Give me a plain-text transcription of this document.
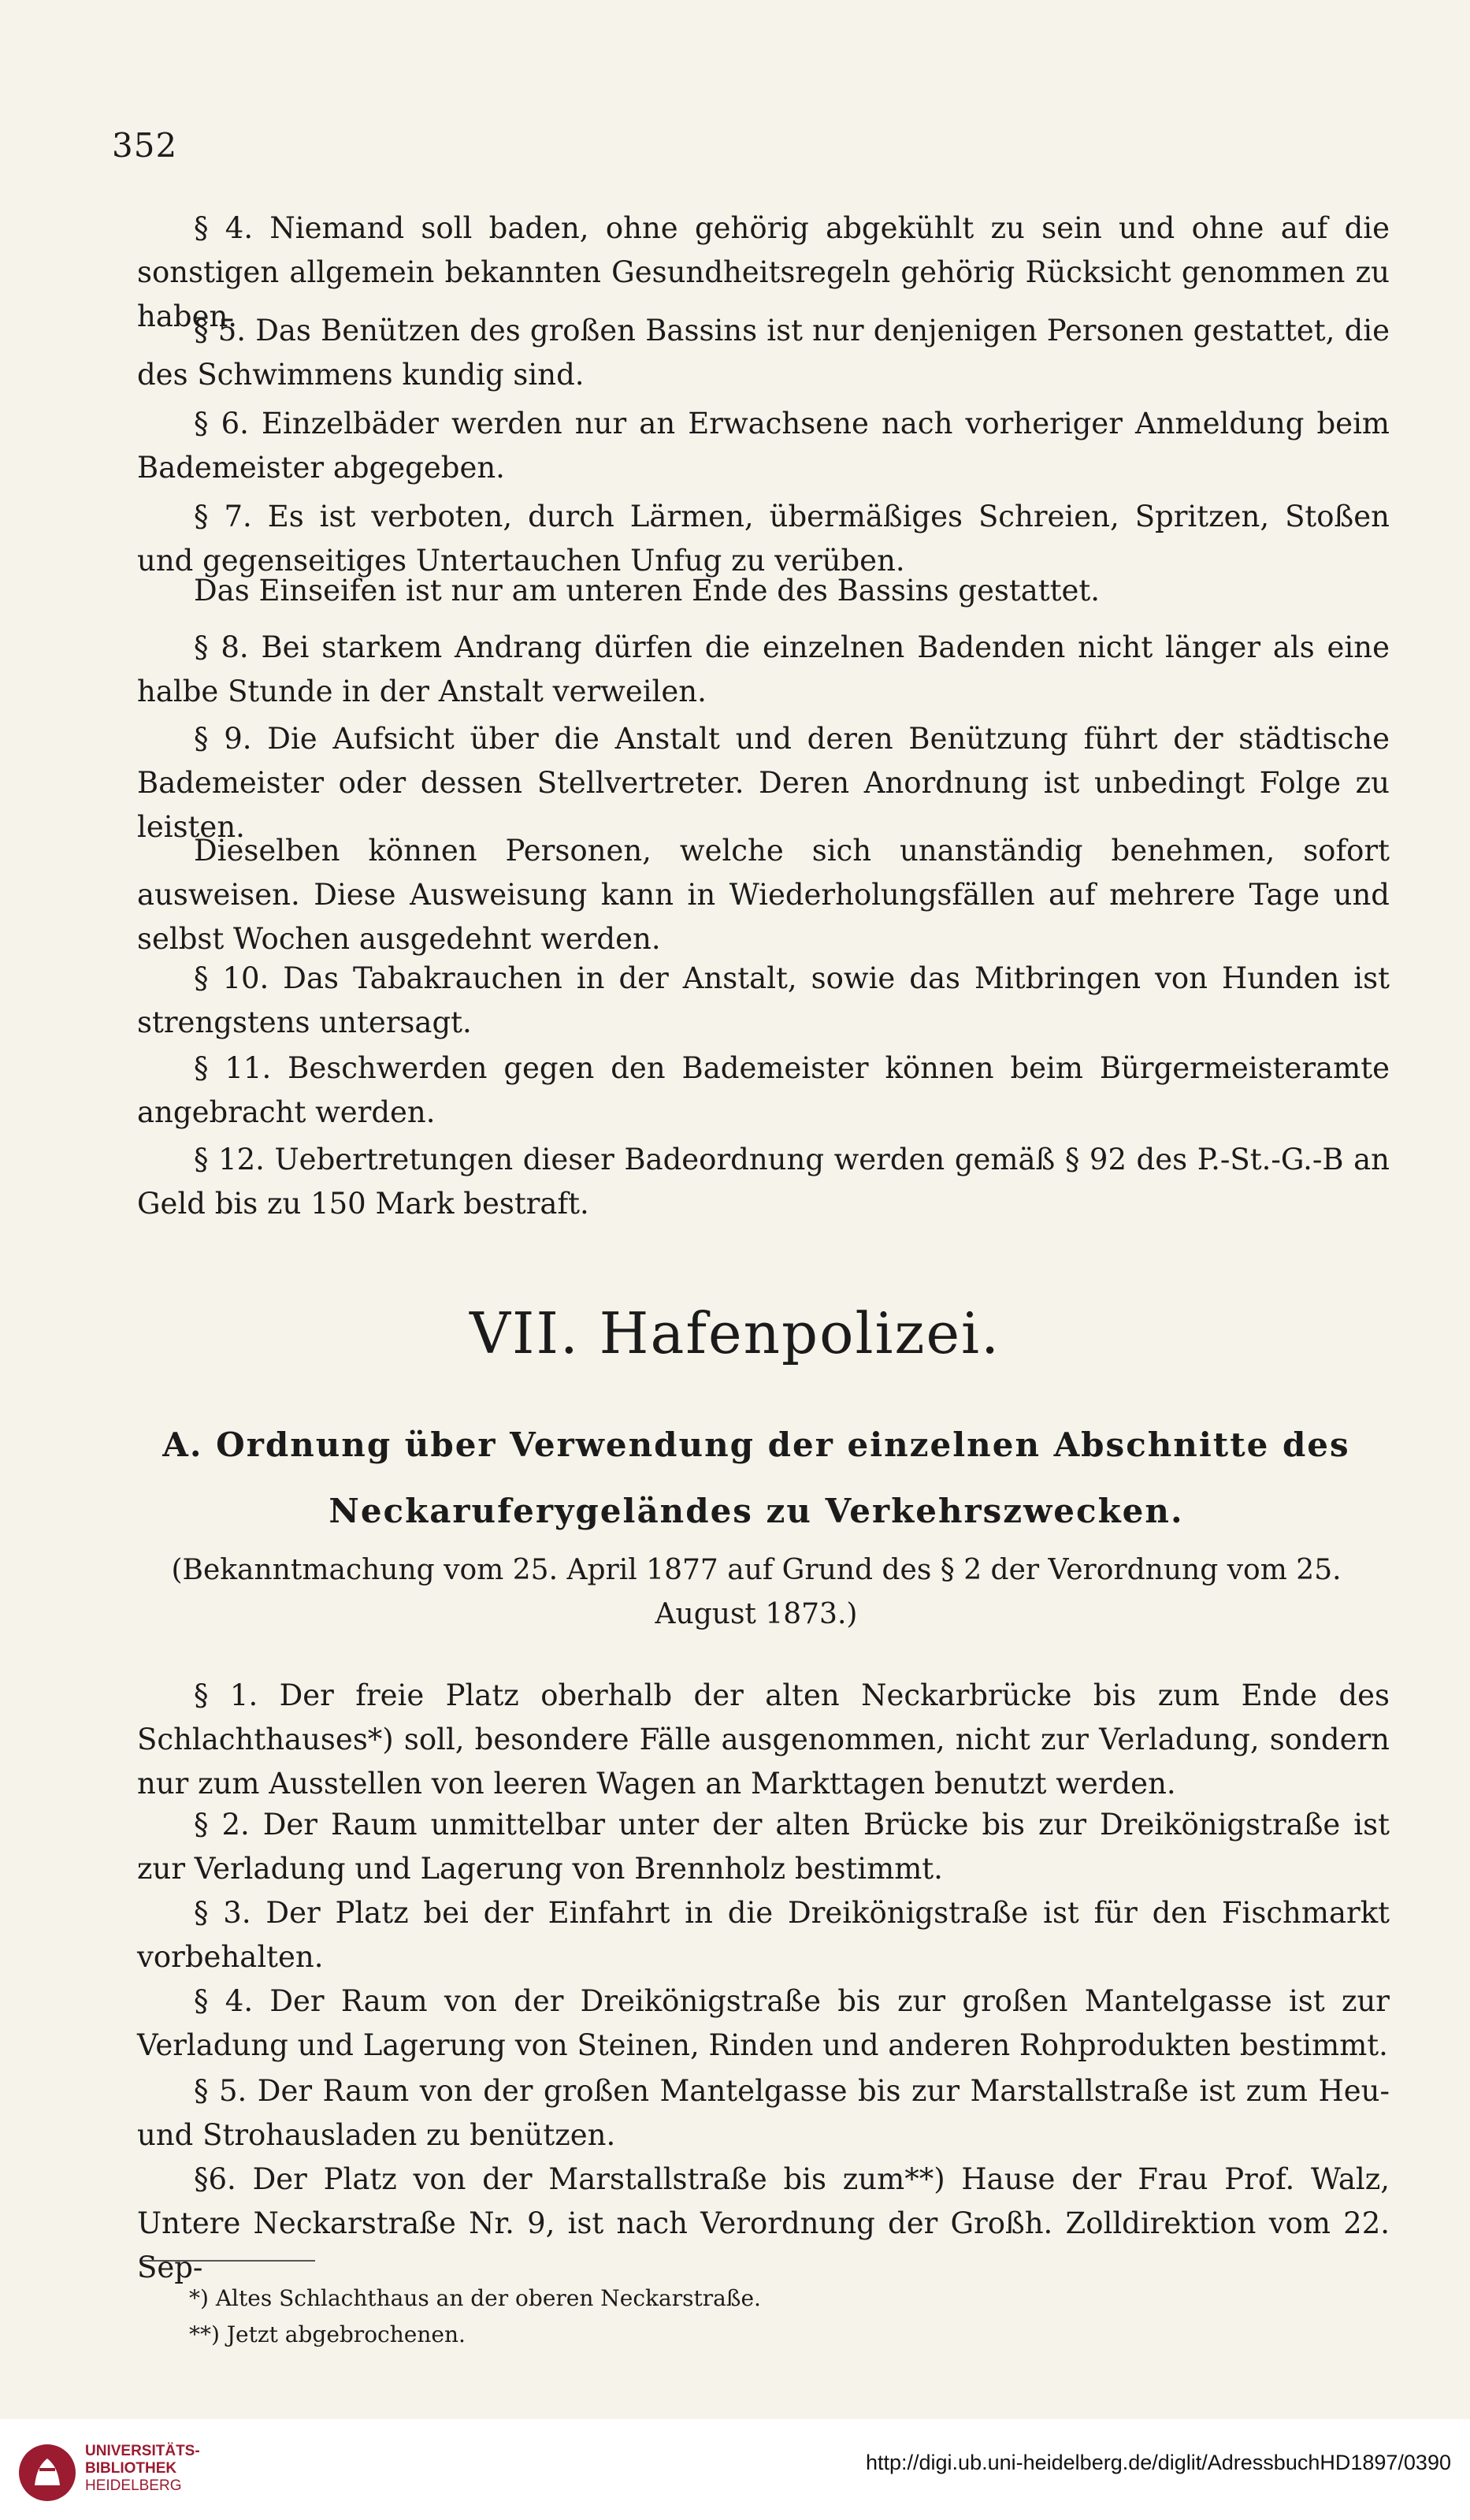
352

§ 4. Niemand soll baden, ohne gehörig abgekühlt zu sein und ohne auf die sonstigen allgemein bekannten Gesundheitsregeln gehörig Rücksicht genommen zu haben.

§ 5. Das Benützen des großen Bassins ist nur denjenigen Personen gestattet, die des Schwimmens kundig sind.

§ 6. Einzelbäder werden nur an Erwachsene nach vorheriger Anmeldung beim Bademeister abgegeben.

§ 7. Es ist verboten, durch Lärmen, übermäßiges Schreien, Spritzen, Stoßen und gegenseitiges Untertauchen Unfug zu verüben.

Das Einseifen ist nur am unteren Ende des Bassins gestattet.

§ 8. Bei starkem Andrang dürfen die einzelnen Badenden nicht länger als eine halbe Stunde in der Anstalt verweilen.

§ 9. Die Aufsicht über die Anstalt und deren Benützung führt der städtische Bademeister oder dessen Stellvertreter. Deren Anordnung ist unbedingt Folge zu leisten.

Dieselben können Personen, welche sich unanständig benehmen, sofort ausweisen. Diese Ausweisung kann in Wiederholungsfällen auf mehrere Tage und selbst Wochen ausgedehnt werden.

§ 10. Das Tabakrauchen in der Anstalt, sowie das Mitbringen von Hunden ist strengstens untersagt.

§ 11. Beschwerden gegen den Bademeister können beim Bürgermeisteramte angebracht werden.

§ 12. Uebertretungen dieser Badeordnung werden gemäß § 92 des P.-St.-G.-B an Geld bis zu 150 Mark bestraft.

VII. Hafenpolizei.
A. Ordnung über Verwendung der einzelnen Abschnitte des Neckaruferygeländes zu Verkehrszwecken.
(Bekanntmachung vom 25. April 1877 auf Grund des § 2 der Verordnung vom 25. August 1873.)

§ 1. Der freie Platz oberhalb der alten Neckarbrücke bis zum Ende des Schlachthauses*) soll, besondere Fälle ausgenommen, nicht zur Verladung, sondern nur zum Ausstellen von leeren Wagen an Markttagen benutzt werden.

§ 2. Der Raum unmittelbar unter der alten Brücke bis zur Dreikönigstraße ist zur Verladung und Lagerung von Brennholz bestimmt.

§ 3. Der Platz bei der Einfahrt in die Dreikönigstraße ist für den Fischmarkt vorbehalten.

§ 4. Der Raum von der Dreikönigstraße bis zur großen Mantelgasse ist zur Verladung und Lagerung von Steinen, Rinden und anderen Rohprodukten bestimmt.

§ 5. Der Raum von der großen Mantelgasse bis zur Marstallstraße ist zum Heu- und Strohausladen zu benützen.

§6. Der Platz von der Marstallstraße bis zum**) Hause der Frau Prof. Walz, Untere Neckarstraße Nr. 9, ist nach Verordnung der Großh. Zolldirektion vom 22. Sep-

*) Altes Schlachthaus an der oberen Neckarstraße.
**) Jetzt abgebrochenen.
UNIVERSITÄTS-
BIBLIOTHEK
HEIDELBERG
http://digi.ub.uni-heidelberg.de/diglit/AdressbuchHD1897/0390
